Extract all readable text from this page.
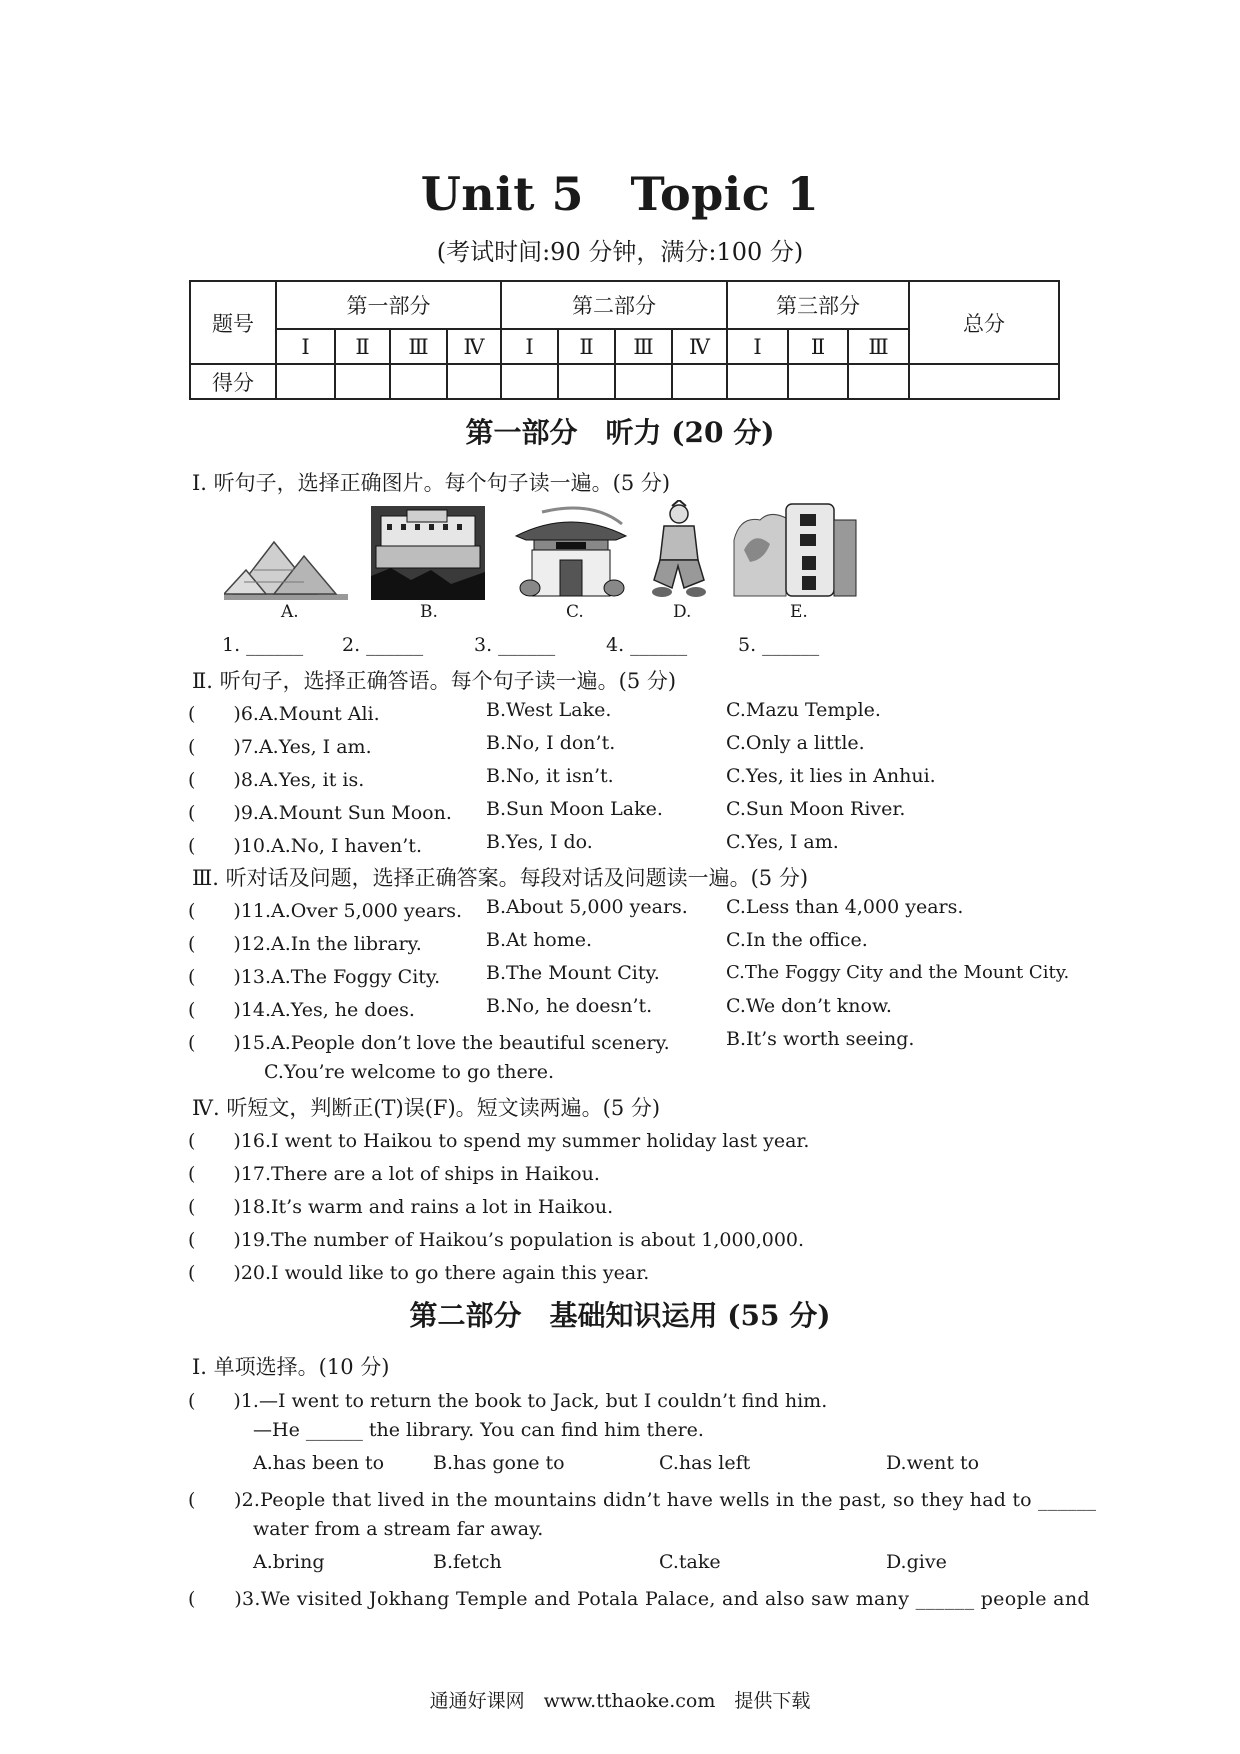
Unit 5　Topic 1
(考试时间:90 分钟，满分:100 分)
题号	第一部分				第二部分				第三部分			总分
	Ⅰ	Ⅱ	Ⅲ	Ⅳ	Ⅰ	Ⅱ	Ⅲ	Ⅳ	Ⅰ	Ⅱ	Ⅲ	
得分												
第一部分　听力 (20 分)
Ⅰ. 听句子，选择正确图片。每个句子读一遍。(5 分)
A.	B.	C.	D.	E.
1. ______ 2. ______	3. ______	4. ______	5. ______
Ⅱ. 听句子，选择正确答语。每个句子读一遍。(5 分)
(　　)6.A.Mount Ali.	B.West Lake.	C.Mazu Temple.
(　　)7.A.Yes, I am.	B.No, I don’t.	C.Only a little.
(　　)8.A.Yes, it is.	B.No, it isn’t.	C.Yes, it lies in Anhui.
(　　)9.A.Mount Sun Moon. B.Sun Moon Lake.	C.Sun Moon River.
(　　)10.A.No, I haven’t.	B.Yes, I do.	C.Yes, I am.
Ⅲ. 听对话及问题，选择正确答案。每段对话及问题读一遍。(5 分)
(　　)11.A.Over 5,000 years. B.About 5,000 years. C.Less than 4,000 years.
(　　)12.A.In the library.	B.At home.	C.In the office.
(　　)13.A.The Foggy City. B.The Mount City.	C.The Foggy City and the Mount City.
(　　)14.A.Yes, he does.	B.No, he doesn’t.	C.We don’t know.
(　　)15.A.People don’t love the beautiful scenery.	B.It’s worth seeing.
C.You’re welcome to go there.
Ⅳ. 听短文，判断正(T)误(F)。短文读两遍。(5 分)
(　　)16.I went to Haikou to spend my summer holiday last year.
(　　)17.There are a lot of ships in Haikou.
(　　)18.It’s warm and rains a lot in Haikou.
(　　)19.The number of Haikou’s population is about 1,000,000.
(　　)20.I would like to go there again this year.
第二部分　基础知识运用 (55 分)
Ⅰ. 单项选择。(10 分)
(　　)1.—I went to return the book to Jack, but I couldn’t find him.
—He ______ the library. You can find him there.
A.has been to	B.has gone to	C.has left	D.went to
(　　)2.People that lived in the mountains didn’t have wells in the past, so they had to ______
water from a stream far away.
A.bring	B.fetch	C.take	D.give
(　　)3.We visited Jokhang Temple and Potala Palace, and also saw many ______ people and
通通好课网　www.tthaoke.com　提供下载
